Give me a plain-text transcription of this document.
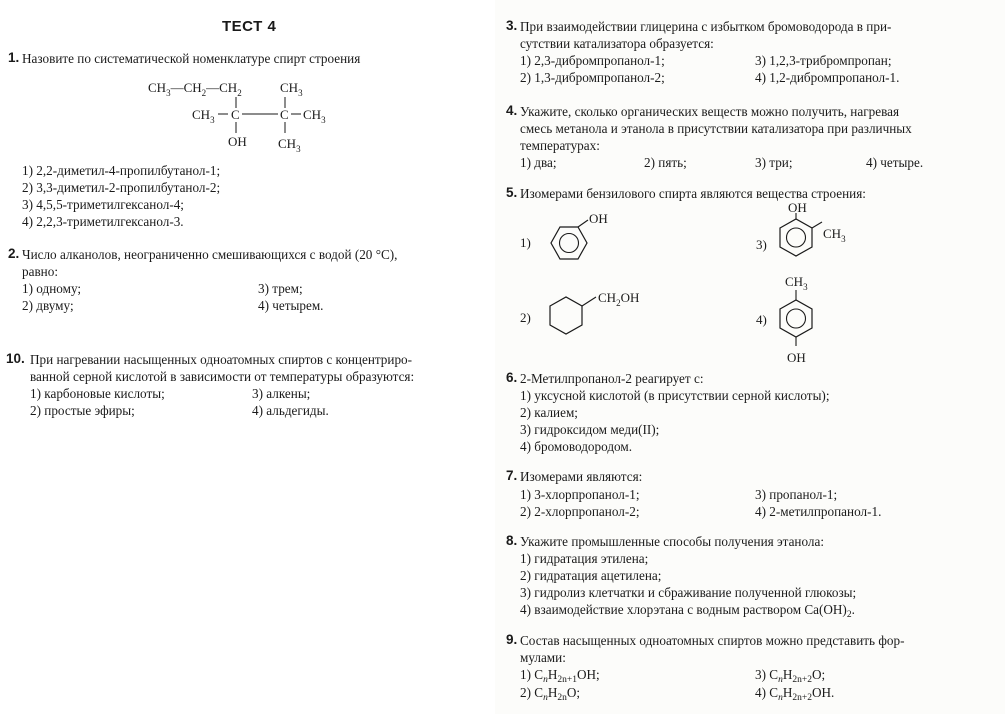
ТЕСТ 4
1. Назовите по систематической номенклатуре спирт строения
$CH_3—CH_2—CH_2$	$CH_3$
$CH_3$ C	C $CH_3$
OH $CH_3$
1) 2,2-диметил-4-пропилбутанол-1;
2) 3,3-диметил-2-пропилбутанол-2;
3) 4,5,5-триметилгексанол-4;
4) 2,2,3-триметилгексанол-3.
2. Число алканолов, неограниченно смешивающихся с водой (20 °С),
равно:
1) одному;	3) трем;
2) двуму;	4) четырем.
10. При нагревании насыщенных одноатомных спиртов с концентриро-
ванной серной кислотой в зависимости от температуры образуются:
1) карбоновые кислоты;	3) алкены;
2) простые эфиры;	4) альдегиды.
3. При взаимодействии глицерина с избытком бромоводорода в при-
сутствии катализатора образуется:
1) 2,3-дибромпропанол-1;	3) 1,2,3-трибромпропан;
2) 1,3-дибромпропанол-2;	4) 1,2-дибромпропанол-1.
4. Укажите, сколько органических веществ можно получить, нагревая
смесь метанола и этанола в присутствии катализатора при различных
температурах:
1) два;	2) пять;	3) три;	4) четыре.
5. Изомерами бензилового спирта являются вещества строения:
1)
OH
2)
$CH_2OH$
3)
OH
$CH_3$
4)
$CH_3$
OH
6. 2-Метилпропанол-2 реагирует с:
1) уксусной кислотой (в присутствии серной кислоты);
2) калием;
3) гидроксидом меди(II);
4) бромоводородом.
7. Изомерами являются:
1) 3-хлорпропанол-1;	3) пропанол-1;
2) 2-хлорпропанол-2;	4) 2-метилпропанол-1.
8. Укажите промышленные способы получения этанола:
1) гидратация этилена;
2) гидратация ацетилена;
3) гидролиз клетчатки и сбраживание полученной глюкозы;
4) взаимодействие хлорэтана с водным раствором $Ca(OH)_2$.
9. Состав насыщенных одноатомных спиртов можно представить фор-
мулами:
1) $C_nH_{2n+1}OH$;	3) $C_nH_{2n+2}O$;
2) $C_nH_{2n}O$;	4) $C_nH_{2n+2}OH$.
